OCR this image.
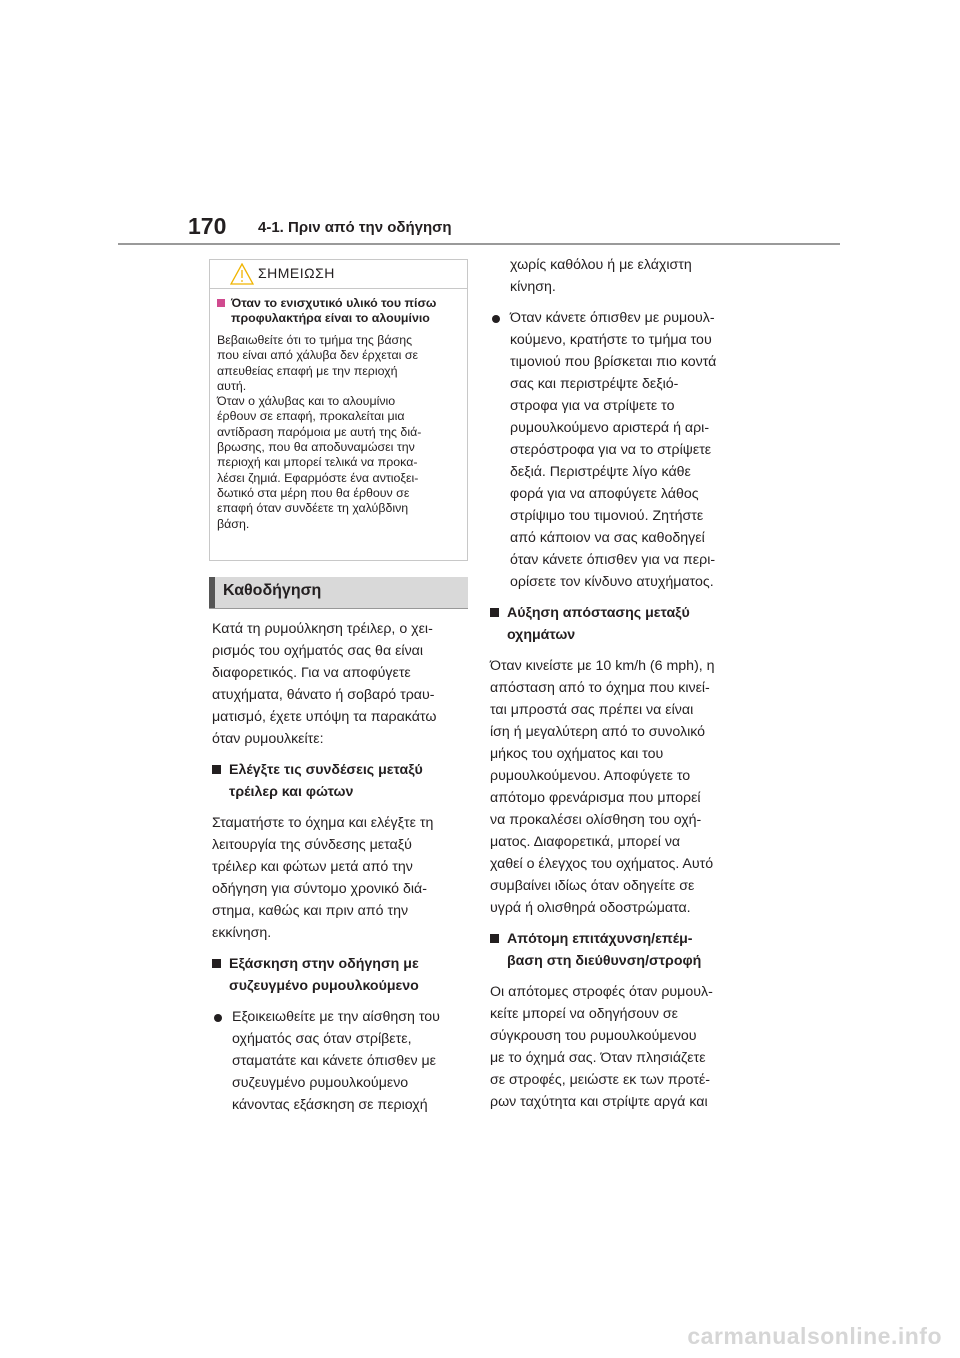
170 4-1. Πριν από την οδήγηση
ΣΗΜΕΙΩΣΗ
Όταν το ενισχυτικό υλικό του πίσω προφυλακτήρα είναι το αλουμίνιο
Βεβαιωθείτε ότι το τμήμα της βάσης
που είναι από χάλυβα δεν έρχεται σε
απευθείας επαφή με την περιοχή
αυτή.
Όταν ο χάλυβας και το αλουμίνιο
έρθουν σε επαφή, προκαλείται μια
αντίδραση παρόμοια με αυτή της διά-
βρωσης, που θα αποδυναμώσει την
περιοχή και μπορεί τελικά να προκα-
λέσει ζημιά. Εφαρμόστε ένα αντιοξει-
δωτικό στα μέρη που θα έρθουν σε
επαφή όταν συνδέετε τη χαλύβδινη
βάση.
Καθοδήγηση

Κατά τη ρυμούλκηση τρέιλερ, ο χει-
ρισμός του οχήματός σας θα είναι
διαφορετικός. Για να αποφύγετε
ατυχήματα, θάνατο ή σοβαρό τραυ-
ματισμό, έχετε υπόψη τα παρακάτω
όταν ρυμουλκείτε:

Ελέγξτε τις συνδέσεις μεταξύ
τρέιλερ και φώτων

Σταματήστε το όχημα και ελέγξτε τη
λειτουργία της σύνδεσης μεταξύ
τρέιλερ και φώτων μετά από την
οδήγηση για σύντομο χρονικό διά-
στημα, καθώς και πριν από την
εκκίνηση.

Εξάσκηση στην οδήγηση με
συζευγμένο ρυμουλκούμενο
Εξοικειωθείτε με την αίσθηση του
οχήματός σας όταν στρίβετε,
σταματάτε και κάνετε όπισθεν με
συζευγμένο ρυμουλκούμενο
κάνοντας εξάσκηση σε περιοχή

χωρίς καθόλου ή με ελάχιστη
κίνηση.

Όταν κάνετε όπισθεν με ρυμουλ-
κούμενο, κρατήστε το τμήμα του
τιμονιού που βρίσκεται πιο κοντά
σας και περιστρέψτε δεξιό-
στροφα για να στρίψετε το
ρυμουλκούμενο αριστερά ή αρι-
στερόστροφα για να το στρίψετε
δεξιά. Περιστρέψτε λίγο κάθε
φορά για να αποφύγετε λάθος
στρίψιμο του τιμονιού. Ζητήστε
από κάποιον να σας καθοδηγεί
όταν κάνετε όπισθεν για να περι-
ορίσετε τον κίνδυνο ατυχήματος.
Αύξηση απόστασης μεταξύ
οχημάτων

Όταν κινείστε με 10 km/h (6 mph), η
απόσταση από το όχημα που κινεί-
ται μπροστά σας πρέπει να είναι
ίση ή μεγαλύτερη από το συνολικό
μήκος του οχήματος και του
ρυμουλκούμενου. Αποφύγετε το
απότομο φρενάρισμα που μπορεί
να προκαλέσει ολίσθηση του οχή-
ματος. Διαφορετικά, μπορεί να
χαθεί ο έλεγχος του οχήματος. Αυτό
συμβαίνει ιδίως όταν οδηγείτε σε
υγρά ή ολισθηρά οδοστρώματα.

Απότομη επιτάχυνση/επέμ-
βαση στη διεύθυνση/στροφή

Οι απότομες στροφές όταν ρυμουλ-
κείτε μπορεί να οδηγήσουν σε
σύγκρουση του ρυμουλκούμενου
με το όχημά σας. Όταν πλησιάζετε
σε στροφές, μειώστε εκ των προτέ-
ρων ταχύτητα και στρίψτε αργά και

carmanualsonline.info
